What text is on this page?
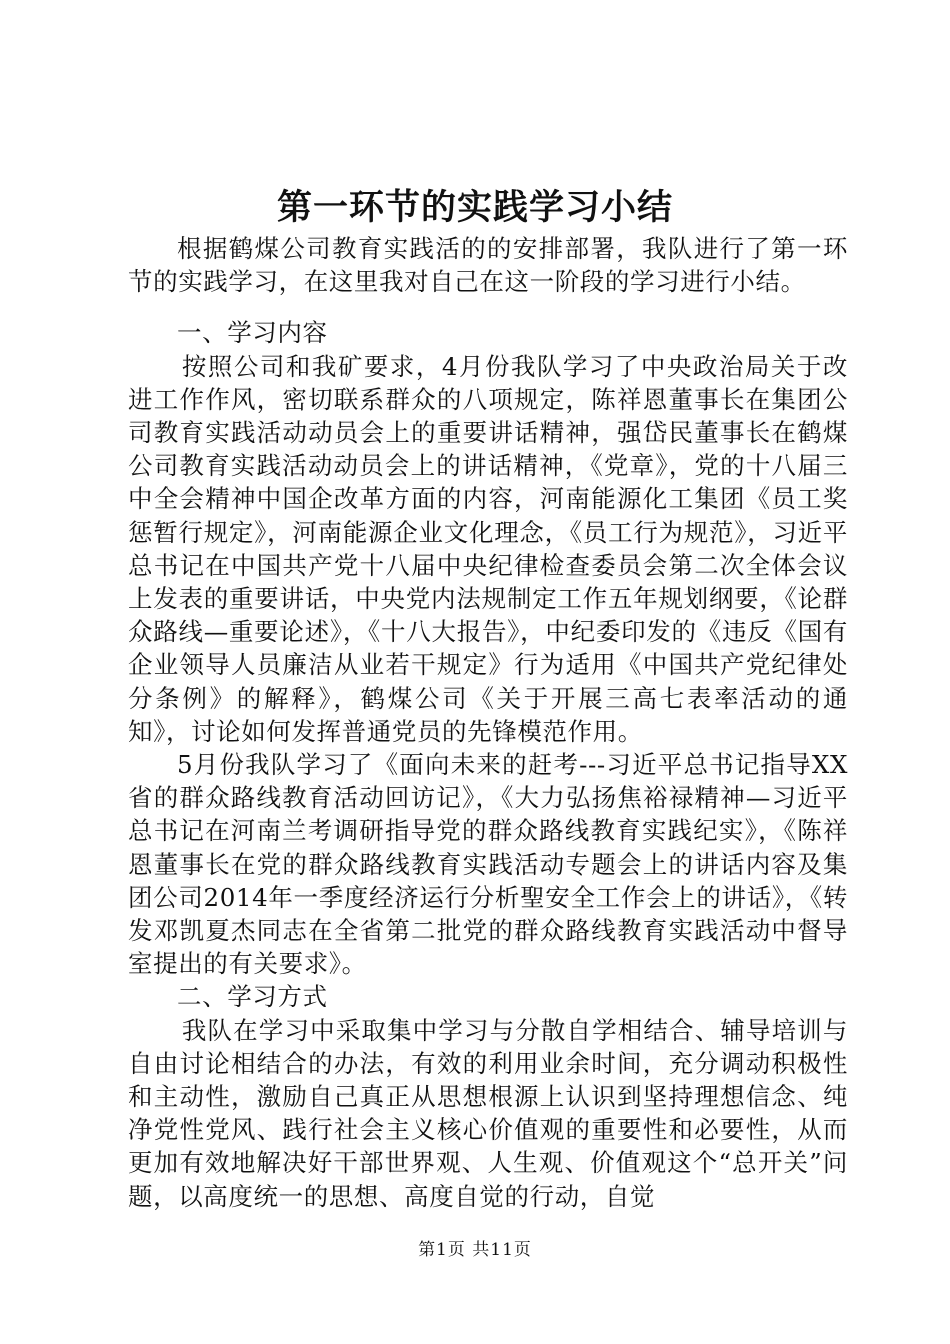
第一环节的实践学习小结

根据鹤煤公司教育实践活的的安排部署，我队进行了第一环节的实践学习，在这里我对自己在这一阶段的学习进行小结。

一、学习内容

按照公司和我矿要求，4月份我队学习了中央政治局关于改进工作作风，密切联系群众的八项规定，陈祥恩董事长在集团公司教育实践活动动员会上的重要讲话精神，强岱民董事长在鹤煤公司教育实践活动动员会上的讲话精神，《党章》，党的十八届三中全会精神中国企改革方面的内容，河南能源化工集团《员工奖惩暂行规定》，河南能源企业文化理念，《员工行为规范》，习近平总书记在中国共产党十八届中央纪律检查委员会第二次全体会议上发表的重要讲话，中央党内法规制定工作五年规划纲要，《论群众路线—重要论述》，《十八大报告》，中纪委印发的《违反《国有企业领导人员廉洁从业若干规定》行为适用《中国共产党纪律处分条例》的解释》，鹤煤公司《关于开展三高七表率活动的通知》，讨论如何发挥普通党员的先锋模范作用。

5月份我队学习了《面向未来的赶考---习近平总书记指导XX省的群众路线教育活动回访记》，《大力弘扬焦裕禄精神—习近平总书记在河南兰考调研指导党的群众路线教育实践纪实》，《陈祥恩董事长在党的群众路线教育实践活动专题会上的讲话内容及集团公司2014年一季度经济运行分析聖安全工作会上的讲话》，《转发邓凯夏杰同志在全省第二批党的群众路线教育实践活动中督导室提出的有关要求》。

二、学习方式

我队在学习中采取集中学习与分散自学相结合、辅导培训与自由讨论相结合的办法，有效的利用业余时间，充分调动积极性和主动性，激励自己真正从思想根源上认识到坚持理想信念、纯净党性党风、践行社会主义核心价值观的重要性和必要性，从而更加有效地解决好干部世界观、人生观、价值观这个“总开关”问题，以高度统一的思想、高度自觉的行动，自觉

第1页 共11页
